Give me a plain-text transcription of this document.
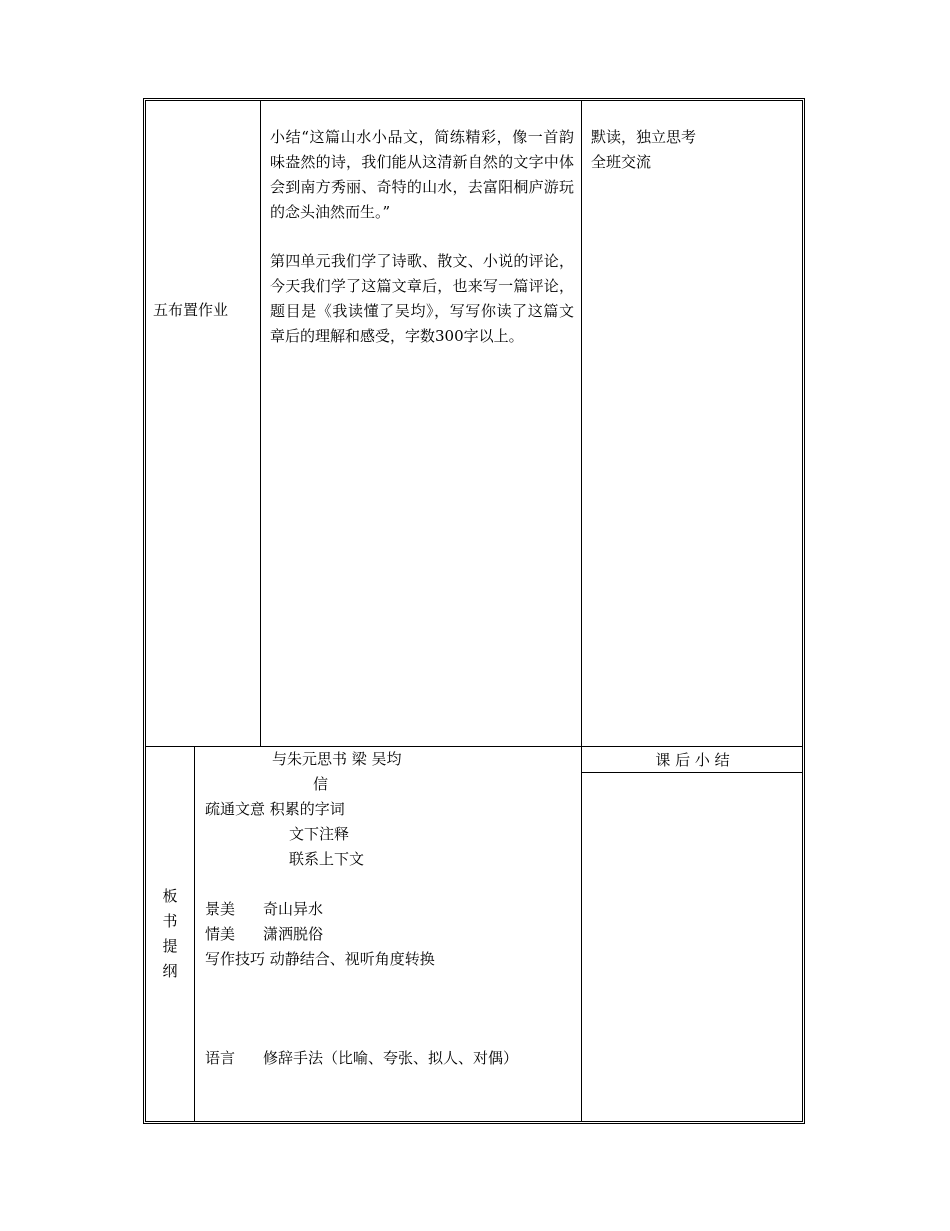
五布置作业
小结“这篇山水小品文，简练精彩，像一首韵味盎然的诗，我们能从这清新自然的文字中体会到南方秀丽、奇特的山水，去富阳桐庐游玩的念头油然而生。”
第四单元我们学了诗歌、散文、小说的评论，今天我们学了这篇文章后，也来写一篇评论，题目是《我读懂了吴均》，写写你读了这篇文章后的理解和感受，字数300字以上。
默读，独立思考
全班交流
板
书
提
纲
与朱元思书 梁 吴均
信
疏通文意 积累的字词
文下注释
联系上下文
景美 奇山异水
情美 潇洒脱俗
写作技巧 动静结合、视听角度转换
语言 修辞手法（比喻、夸张、拟人、对偶）
课 后 小 结
